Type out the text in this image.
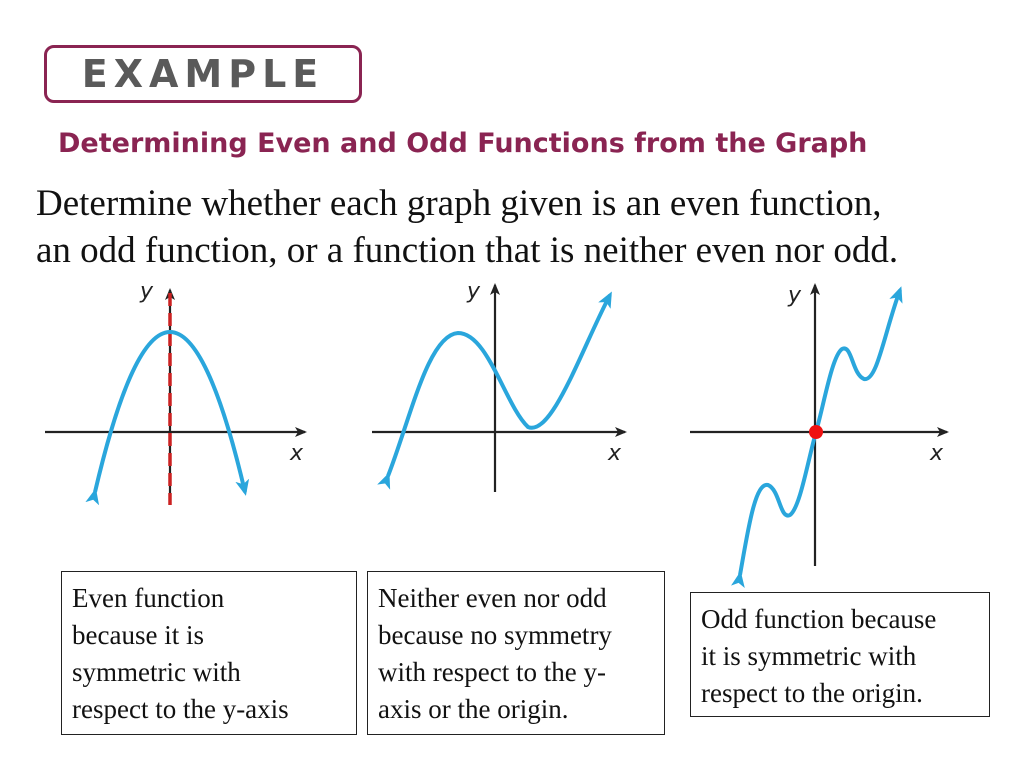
EXAMPLE
Determining Even and Odd Functions from the Graph
Determine whether each graph given is an even function,
an odd function, or a function that is neither even nor odd.
x
y
x
y
x
y
Even function
because it is
symmetric with
respect to the y-axis
Neither even nor odd
because no symmetry
with respect to the y-
axis or the origin.
Odd function because
it is symmetric with
respect to the origin.
